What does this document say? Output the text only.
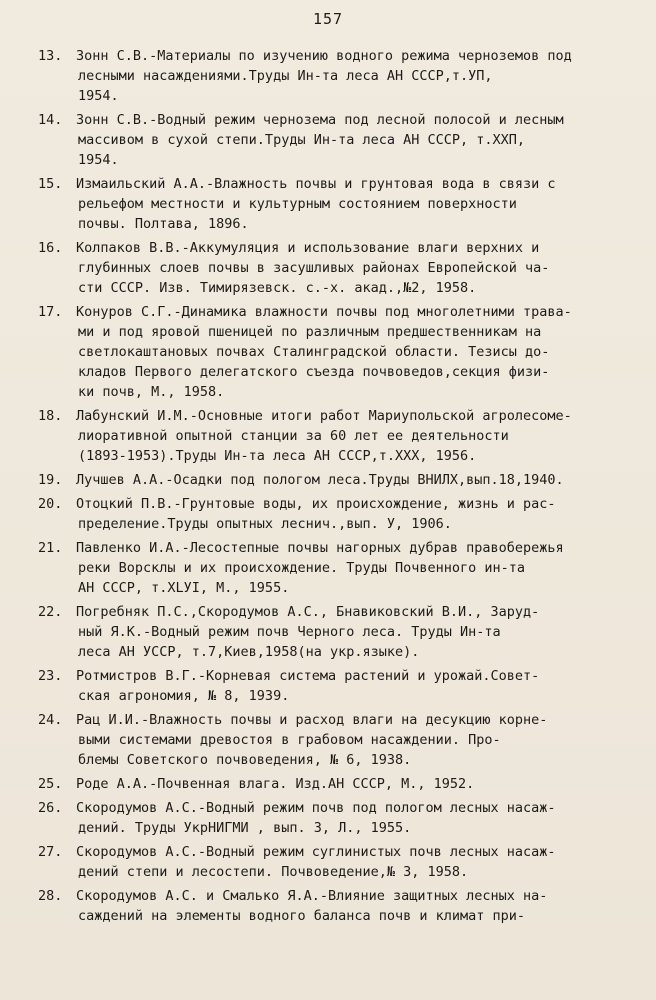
157
13.	Зонн С.В.-Материалы по изучению водного режима черноземов под
лесными насаждениями.Труды Ин-та леса АН СССР,т.УП,
1954.
14.	Зонн С.В.-Водный режим чернозема под лесной полосой и лесным
массивом в сухой степи.Труды Ин-та леса АН СССР, т.ХХП,
1954.
15.	Измаильский А.А.-Влажность почвы и грунтовая вода в связи с
рельефом местности и культурным состоянием поверхности
почвы. Полтава, 1896.
16.	Колпаков В.В.-Аккумуляция и использование влаги верхних и
глубинных слоев почвы в засушливых районах Европейской ча-
сти СССР. Изв. Тимирязевск. с.-х. акад.,№2, 1958.
17.	Конуров С.Г.-Динамика влажности почвы под многолетними трава-
ми и под яровой пшеницей по различным предшественникам на
светлокаштановых почвах Сталинградской области. Тезисы до-
кладов Первого делегатского съезда почвоведов,секция физи-
ки почв, М., 1958.
18.	Лабунский И.М.-Основные итоги работ Мариупольской агролесоме-
лиоративной опытной станции за 60 лет ее деятельности
(1893-1953).Труды Ин-та леса АН СССР,т.ХХХ, 1956.
19.	Лучшев А.А.-Осадки под пологом леса.Труды ВНИЛХ,вып.18,1940.
20.	Отоцкий П.В.-Грунтовые воды, их происхождение, жизнь и рас-
пределение.Труды опытных леснич.,вып. У, 1906.
21.	Павленко И.А.-Лесостепные почвы нагорных дубрав правобережья
реки Ворсклы и их происхождение. Труды Почвенного ин-та
АН СССР, т.ХLУI, М., 1955.
22.	Погребняк П.С.,Скородумов А.С., Бнавиковский В.И., Заруд-
ный Я.К.-Водный режим почв Черного леса. Труды Ин-та
леса АН УССР, т.7,Киев,1958(на укр.языке).
23.	Ротмистров В.Г.-Корневая система растений и урожай.Совет-
ская агрономия, № 8, 1939.
24.	Рац И.И.-Влажность почвы и расход влаги на десукцию корне-
выми системами древостоя в грабовом насаждении. Про-
блемы Советского почвоведения, № 6, 1938.
25.	Роде А.А.-Почвенная влага. Изд.АН СССР, М., 1952.
26.	Скородумов А.С.-Водный режим почв под пологом лесных насаж-
дений. Труды УкрНИГМИ , вып. 3, Л., 1955.
27.	Скородумов А.С.-Водный режим суглинистых почв лесных насаж-
дений степи и лесостепи. Почвоведение,№ 3, 1958.
28.	Скородумов А.С. и Смалько Я.А.-Влияние защитных лесных на-
саждений на элементы водного баланса почв и климат при-
